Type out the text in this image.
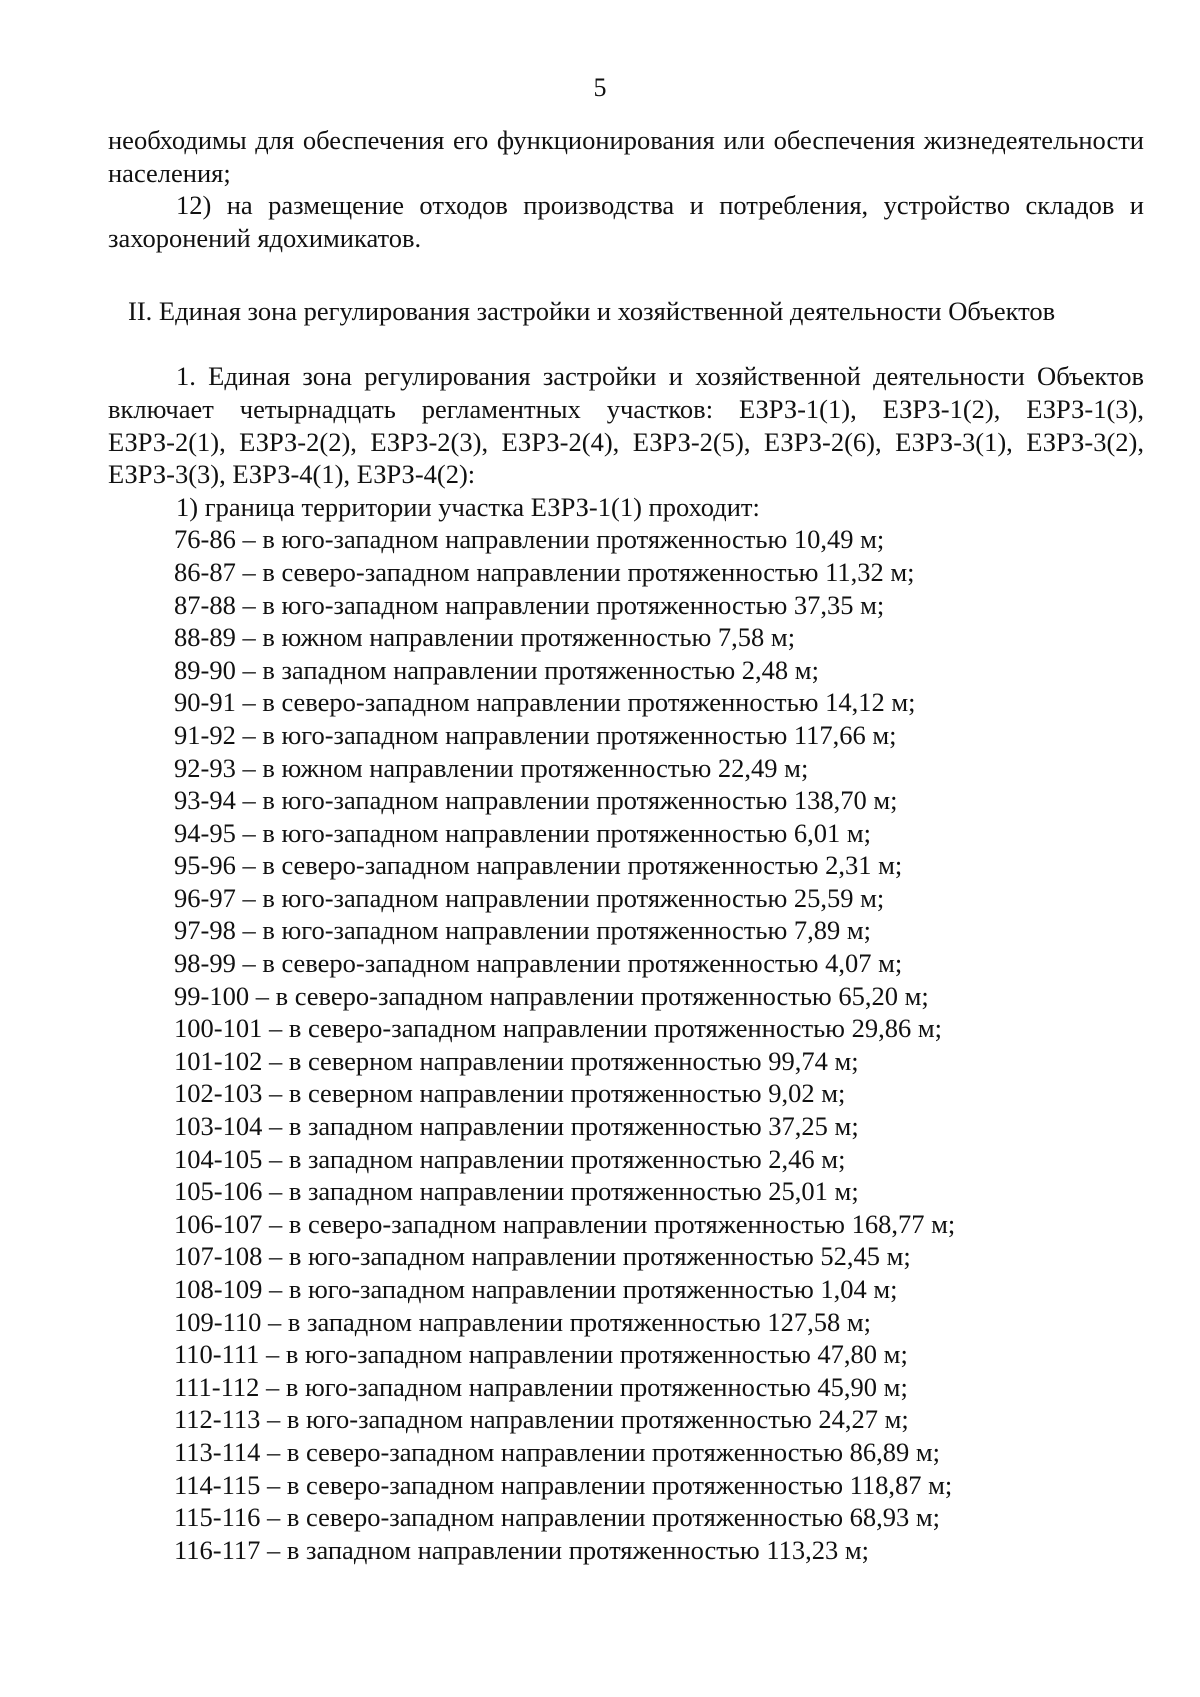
5

необходимы для обеспечения его функционирования или обеспечения жизнедеятельности населения;

12) на размещение отходов производства и потребления, устройство складов и захоронений ядохимикатов.

II. Единая зона регулирования застройки и хозяйственной деятельности Объектов

1. Единая зона регулирования застройки и хозяйственной деятельности Объектов включает четырнадцать регламентных участков: ЕЗРЗ-1(1), ЕЗРЗ-1(2), ЕЗРЗ-1(3), ЕЗРЗ-2(1), ЕЗРЗ-2(2), ЕЗРЗ-2(3), ЕЗРЗ-2(4), ЕЗРЗ-2(5), ЕЗРЗ-2(6), ЕЗРЗ-3(1), ЕЗРЗ-3(2), ЕЗРЗ-3(3), ЕЗРЗ-4(1), ЕЗРЗ-4(2):

1) граница территории участка ЕЗРЗ-1(1) проходит:

76-86 – в юго-западном направлении протяженностью 10,49 м;
86-87 – в северо-западном направлении протяженностью 11,32 м;
87-88 – в юго-западном направлении протяженностью 37,35 м;
88-89 – в южном направлении протяженностью 7,58 м;
89-90 – в западном направлении протяженностью 2,48 м;
90-91 – в северо-западном направлении протяженностью 14,12 м;
91-92 – в юго-западном направлении протяженностью 117,66 м;
92-93 – в южном направлении протяженностью 22,49 м;
93-94 – в юго-западном направлении протяженностью 138,70 м;
94-95 – в юго-западном направлении протяженностью 6,01 м;
95-96 – в северо-западном направлении протяженностью 2,31 м;
96-97 – в юго-западном направлении протяженностью 25,59 м;
97-98 – в юго-западном направлении протяженностью 7,89 м;
98-99 – в северо-западном направлении протяженностью 4,07 м;
99-100 – в северо-западном направлении протяженностью 65,20 м;
100-101 – в северо-западном направлении протяженностью 29,86 м;
101-102 – в северном направлении протяженностью 99,74 м;
102-103 – в северном направлении протяженностью 9,02 м;
103-104 – в западном направлении протяженностью 37,25 м;
104-105 – в западном направлении протяженностью 2,46 м;
105-106 – в западном направлении протяженностью 25,01 м;
106-107 – в северо-западном направлении протяженностью 168,77 м;
107-108 – в юго-западном направлении протяженностью 52,45 м;
108-109 – в юго-западном направлении протяженностью 1,04 м;
109-110 – в западном направлении протяженностью 127,58 м;
110-111 – в юго-западном направлении протяженностью 47,80 м;
111-112 – в юго-западном направлении протяженностью 45,90 м;
112-113 – в юго-западном направлении протяженностью 24,27 м;
113-114 – в северо-западном направлении протяженностью 86,89 м;
114-115 – в северо-западном направлении протяженностью 118,87 м;
115-116 – в северо-западном направлении протяженностью 68,93 м;
116-117 – в западном направлении протяженностью 113,23 м;
